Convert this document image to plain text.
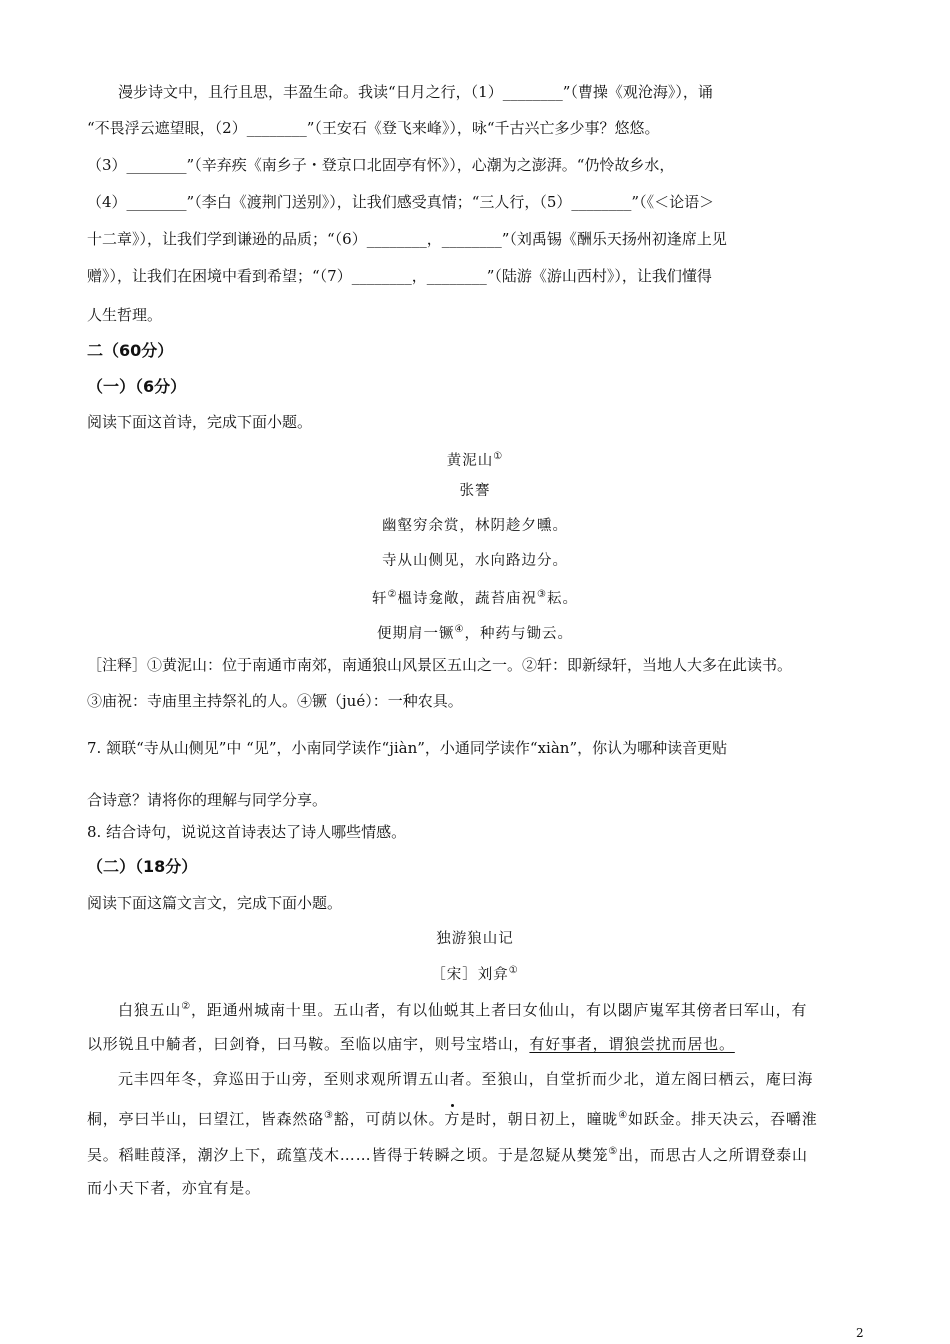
漫步诗文中，且行且思，丰盈生命。我读“日月之行，（1）________”（曹操《观沧海》），诵
“不畏浮云遮望眼，（2）________”（王安石《登飞来峰》），咏“千古兴亡多少事？悠悠。
（3）________”（辛弃疾《南乡子・登京口北固亭有怀》），心潮为之澎湃。“仍怜故乡水，
（4）________”（李白《渡荆门送别》），让我们感受真情；“三人行，（5）________”（《＜论语＞
十二章》），让我们学到谦逊的品质；“（6）________，________”（刘禹锡《酬乐天扬州初逢席上见
赠》），让我们在困境中看到希望；“（7）________，________”（陆游《游山西村》），让我们懂得
人生哲理。
二（60分）
（一）（6分）
阅读下面这首诗，完成下面小题。
黄泥山①
张謇
幽壑穷余赏，林阴趁夕曛。
寺从山侧见，水向路边分。
轩②榲诗龛敞，蔬苔庙祝③耘。
便期肩一镢④，种药与锄云。
［注释］①黄泥山：位于南通市南郊，南通狼山风景区五山之一。②轩：即新绿轩，当地人大多在此读书。
③庙祝：寺庙里主持祭礼的人。④镢（jué）：一种农具。
7. 颔联“寺从山侧见”中 “见”，小南同学读作“jiàn”，小通同学读作“xiàn”，你认为哪种读音更贴
合诗意？请将你的理解与同学分享。
8. 结合诗句，说说这首诗表达了诗人哪些情感。
（二）（18分）
阅读下面这篇文言文，完成下面小题。
独游狼山记
［宋］刘弇①
白狼五山②，距通州城南十里。五山者，有以仙蜕其上者曰女仙山，有以閟庐嵬军其傍者曰军山，有
以形锐且中觭者，曰剑脊，曰马鞍。至临以庙宇，则号宝塔山，有好事者，谓狼尝扰而居也。
元丰四年冬，弇巡田于山旁，至则求观所谓五山者。至狼山，自堂折而少北，道左阁曰栖云，庵曰海
桐，亭曰半山，曰望江，皆森然硌③豁，可荫以休。方是时，朝日初上，曈昽④如跃金。排天决云，吞嚼淮
吴。稻畦葭泽，潮汐上下，疏篁茂木……皆得于转瞬之顷。于是忽疑从樊笼⑤出，而思古人之所谓登泰山
而小天下者，亦宜有是。
2
